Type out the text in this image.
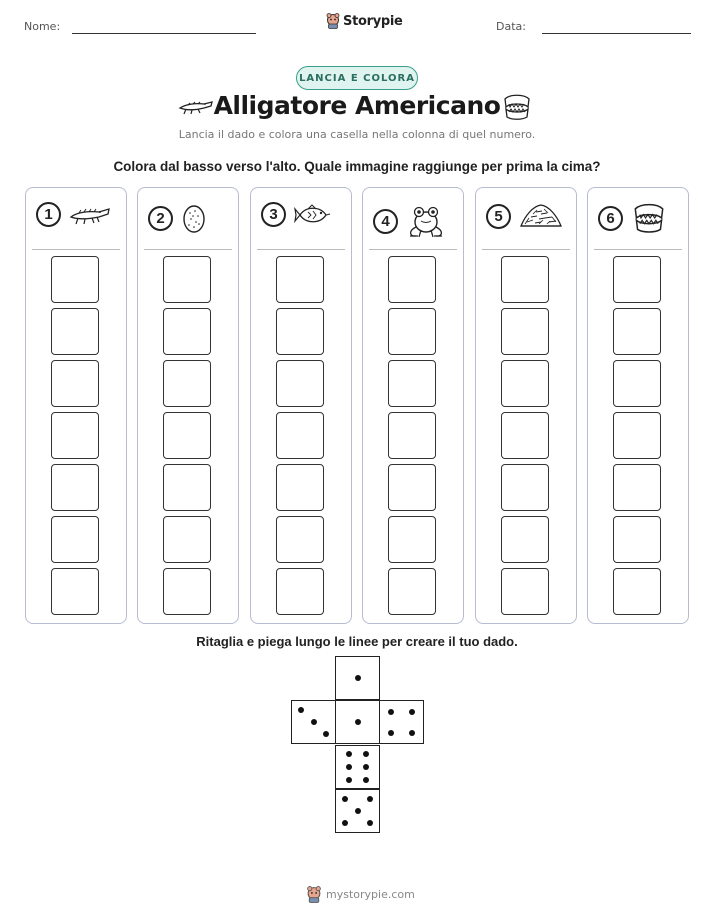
Nome:	Storypie	Data:
LANCIA E COLORA
Alligatore Americano
Lancia il dado e colora una casella nella colonna di quel numero.
Colora dal basso verso l'alto. Quale immagine raggiunge per prima la cima?
1	2	3	4	5	6
Ritaglia e piega lungo le linee per creare il tuo dado.
mystorypie.com
